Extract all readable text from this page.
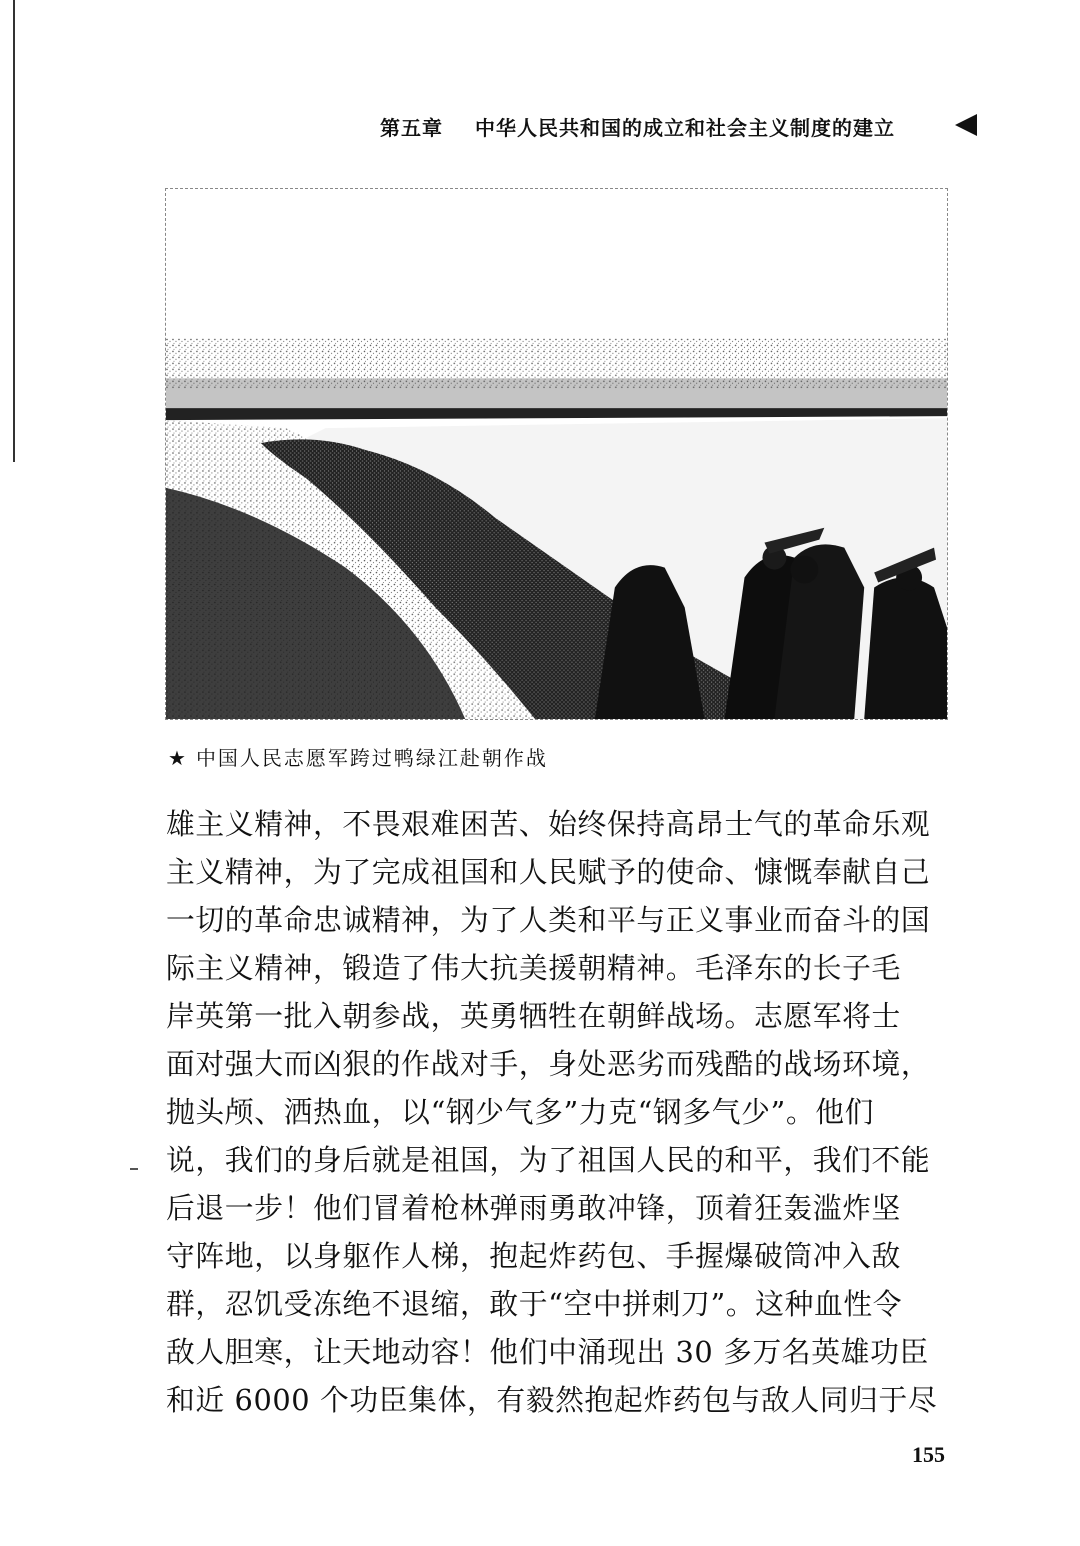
第五章 中华人民共和国的成立和社会主义制度的建立
★ 中国人民志愿军跨过鸭绿江赴朝作战
雄主义精神，不畏艰难困苦、始终保持高昂士气的革命乐观
主义精神，为了完成祖国和人民赋予的使命、慷慨奉献自己
一切的革命忠诚精神，为了人类和平与正义事业而奋斗的国
际主义精神，锻造了伟大抗美援朝精神。毛泽东的长子毛
岸英第一批入朝参战，英勇牺牲在朝鲜战场。志愿军将士
面对强大而凶狠的作战对手，身处恶劣而残酷的战场环境，
抛头颅、洒热血，以“钢少气多”力克“钢多气少”。他们
说，我们的身后就是祖国，为了祖国人民的和平，我们不能
后退一步！他们冒着枪林弹雨勇敢冲锋，顶着狂轰滥炸坚
守阵地，以身躯作人梯，抱起炸药包、手握爆破筒冲入敌
群，忍饥受冻绝不退缩，敢于“空中拼刺刀”。这种血性令
敌人胆寒，让天地动容！他们中涌现出 30 多万名英雄功臣
和近 6000 个功臣集体，有毅然抱起炸药包与敌人同归于尽
155
